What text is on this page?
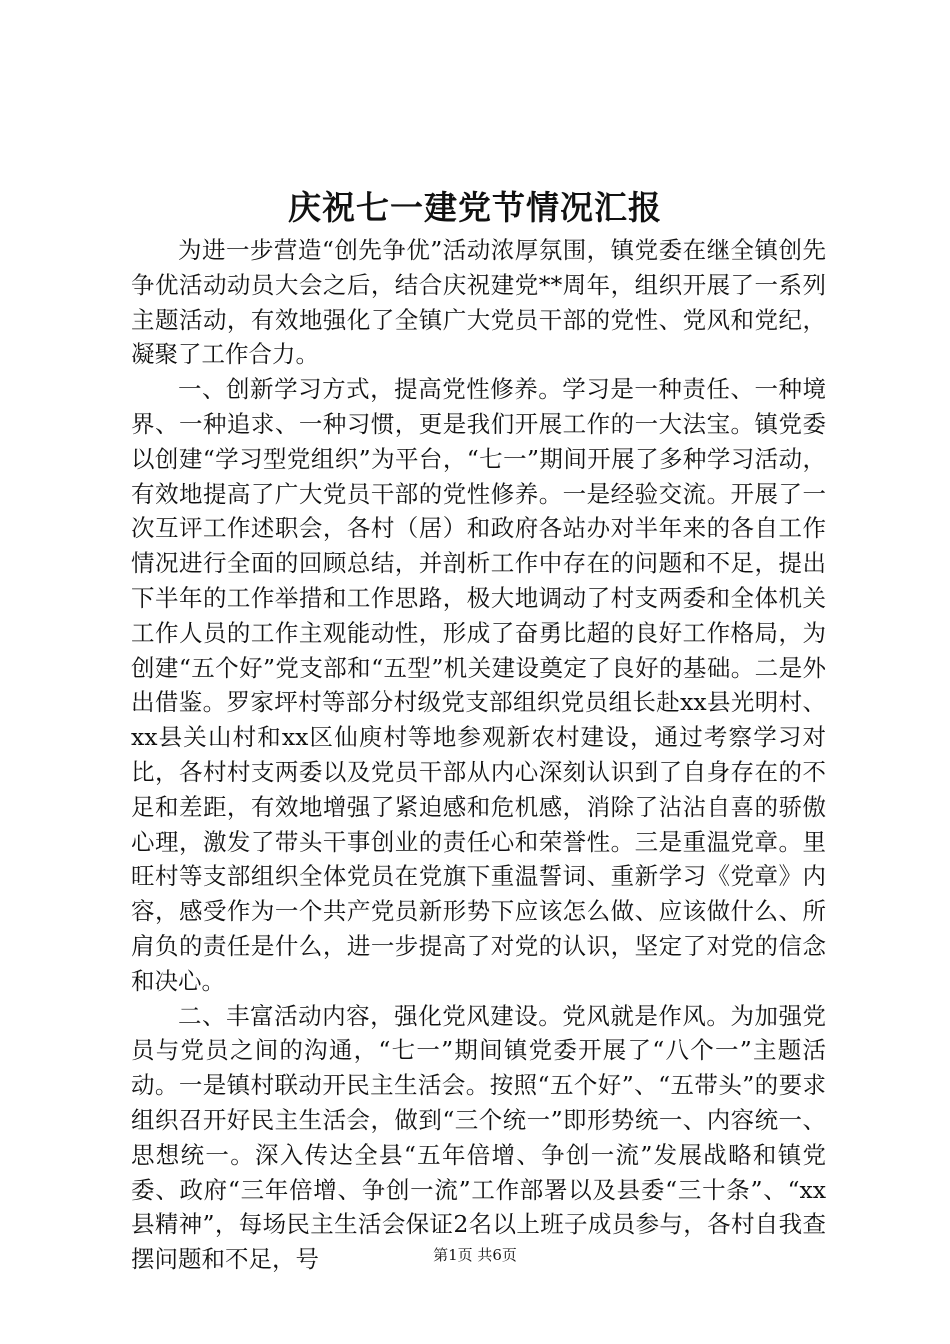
庆祝七一建党节情况汇报

为进一步营造“创先争优”活动浓厚氛围，镇党委在继全镇创先争优活动动员大会之后，结合庆祝建党**周年，组织开展了一系列主题活动，有效地强化了全镇广大党员干部的党性、党风和党纪，凝聚了工作合力。

一、创新学习方式，提高党性修养。学习是一种责任、一种境界、一种追求、一种习惯，更是我们开展工作的一大法宝。镇党委以创建“学习型党组织”为平台，“七一”期间开展了多种学习活动，有效地提高了广大党员干部的党性修养。一是经验交流。开展了一次互评工作述职会，各村（居）和政府各站办对半年来的各自工作情况进行全面的回顾总结，并剖析工作中存在的问题和不足，提出下半年的工作举措和工作思路，极大地调动了村支两委和全体机关工作人员的工作主观能动性，形成了奋勇比超的良好工作格局，为创建“五个好”党支部和“五型”机关建设奠定了良好的基础。二是外出借鉴。罗家坪村等部分村级党支部组织党员组长赴xx县光明村、xx县关山村和xx区仙庾村等地参观新农村建设，通过考察学习对比，各村村支两委以及党员干部从内心深刻认识到了自身存在的不足和差距，有效地增强了紧迫感和危机感，消除了沾沾自喜的骄傲心理，激发了带头干事创业的责任心和荣誉性。三是重温党章。里旺村等支部组织全体党员在党旗下重温誓词、重新学习《党章》内容，感受作为一个共产党员新形势下应该怎么做、应该做什么、所肩负的责任是什么，进一步提高了对党的认识，坚定了对党的信念和决心。

二、丰富活动内容，强化党风建设。党风就是作风。为加强党员与党员之间的沟通，“七一”期间镇党委开展了“八个一”主题活动。一是镇村联动开民主生活会。按照“五个好”、“五带头”的要求组织召开好民主生活会，做到“三个统一”即形势统一、内容统一、思想统一。深入传达全县“五年倍增、争创一流”发展战略和镇党委、政府“三年倍增、争创一流”工作部署以及县委“三十条”、“xx县精神”，每场民主生活会保证2名以上班子成员参与，各村自我查摆问题和不足，号	第1页 共6页
